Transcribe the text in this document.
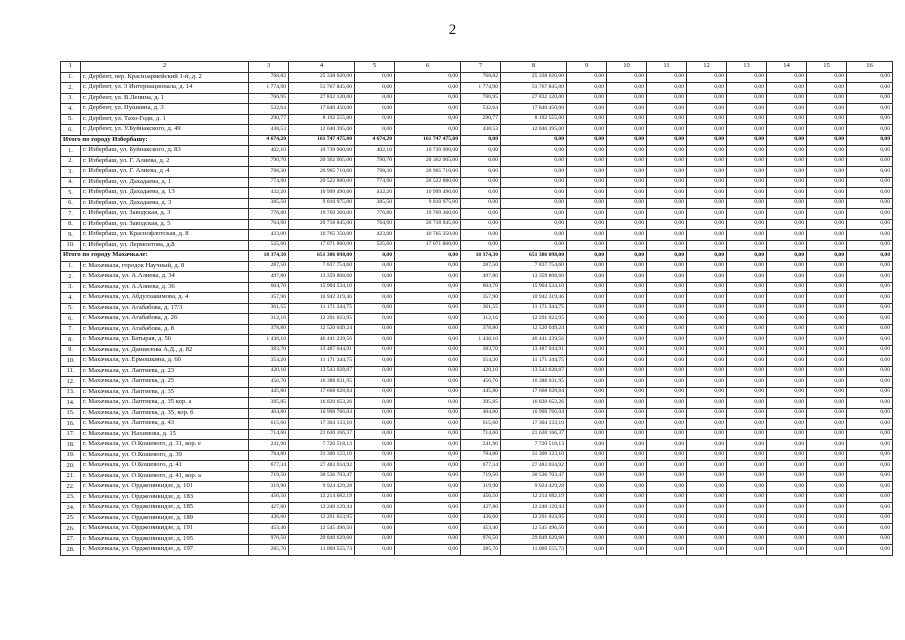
2
1	2	3	4	5	6	7	8	9	10	11	12	13	14	15	16
1.	г. Дербент, пер. Красноармейский 1-й, д. 2	768,82	25 338 620,00	0,00	0,00	768,82	25 338 620,00	0,00	0,00	0,00	0,00	0,00	0,00	0,00	0,00
2.	г. Дербент, ул. 3 Интернационала, д. 14	1 774,90	51 767 845,00	0,00	0,00	1 774,90	51 767 845,00	0,00	0,00	0,00	0,00	0,00	0,00	0,00	0,00
3.	г. Дербент, ул. В.Ленина, д. 1	766,95	27 832 120,00	0,00	0,00	766,95	27 832 120,00	0,00	0,00	0,00	0,00	0,00	0,00	0,00	0,00
4.	г. Дербент, ул. Пушкина, д. 3	532,64	17 840 450,00	0,00	0,00	532,64	17 840 450,00	0,00	0,00	0,00	0,00	0,00	0,00	0,00	0,00
5.	г. Дербент, ул. Тахо-Годи, д. 1	290,77	8 192 555,00	0,00	0,00	290,77	8 192 555,00	0,00	0,00	0,00	0,00	0,00	0,00	0,00	0,00
6.	г. Дербент, ул. У.Буйнакского, д. 49	438,53	12 040 395,00	0,00	0,00	438,53	12 040 395,00	0,00	0,00	0,00	0,00	0,00	0,00	0,00	0,00
Итого по городу Избербашу:		4 674,20	161 747 475,00	4 674,20	161 747 475,00	0,00	0,00	0,00	0,00	0,00	0,00	0,00	0,00	0,00	0,00
1.	г. Избербаш, ул. Буйнакского, д. 83	402,10	10 739 900,00	402,10	10 739 900,00	0,00	0,00	0,00	0,00	0,00	0,00	0,00	0,00	0,00	0,00
2.	г. Избербаш, ул. Г. Алиева, д. 2	790,70	20 362 905,00	790,70	20 362 905,00	0,00	0,00	0,00	0,00	0,00	0,00	0,00	0,00	0,00	0,00
3.	г. Избербаш, ул. Г. Алиева, д .4	798,30	20 965 710,00	798,30	20 965 710,00	0,00	0,00	0,00	0,00	0,00	0,00	0,00	0,00	0,00	0,00
4.	г. Избербаш, ул. Дахадаева, д. 1	774,90	20 522 880,00	774,90	20 522 880,00	0,00	0,00	0,00	0,00	0,00	0,00	0,00	0,00	0,00	0,00
5.	г. Избербаш, ул. Дахадаева, д. 13	432,20	10 999 490,00	432,20	10 999 490,00	0,00	0,00	0,00	0,00	0,00	0,00	0,00	0,00	0,00	0,00
6.	г. Избербаш, ул. Дахадаева, д. 3	385,50	9 810 975,00	385,50	9 810 975,00	0,00	0,00	0,00	0,00	0,00	0,00	0,00	0,00	0,00	0,00
7.	г. Избербаш, ул. Заводская, д. 3	776,80	19 769 360,00	776,80	19 769 360,00	0,00	0,00	0,00	0,00	0,00	0,00	0,00	0,00	0,00	0,00
8.	г. Избербаш, ул. Заводская, д. 5	764,90	20 718 845,00	764,90	20 718 845,00	0,00	0,00	0,00	0,00	0,00	0,00	0,00	0,00	0,00	0,00
9.	г. Избербаш, ул. Краснофлотская, д. 8	423,00	10 765 350,00	423,00	10 765 350,00	0,00	0,00	0,00	0,00	0,00	0,00	0,00	0,00	0,00	0,00
10.	г. Избербаш, ул. Лермонтова, д.8	525,60	17 071 860,00	525,60	17 071 860,00	0,00	0,00	0,00	0,00	0,00	0,00	0,00	0,00	0,00	0,00
Итого по городу Махачкале:		18 374,30	651 386 098,00	0,00	0,00	18 374,30	651 386 098,00	0,00	0,00	0,00	0,00	0,00	0,00	0,00	0,00
1.	г. Махачкала, городок Научный, д. 8	287,50	7 837 754,60	0,00	0,00	287,50	7 837 754,60	0,00	0,00	0,00	0,00	0,00	0,00	0,00	0,00
2.	г. Махачкала, ул. А.Алиева, д. 34	497,80	13 359 808,60	0,00	0,00	497,80	13 359 808,60	0,00	0,00	0,00	0,00	0,00	0,00	0,00	0,00
3.	г. Махачкала, ул. А.Алиева, д. 36	604,70	15 904 534,10	0,00	0,00	604,70	15 904 534,10	0,00	0,00	0,00	0,00	0,00	0,00	0,00	0,00
4.	г. Махачкала, ул. Абдулхакимова, д. 4	357,90	10 942 319,46	0,00	0,00	357,90	10 942 319,46	0,00	0,00	0,00	0,00	0,00	0,00	0,00	0,00
5.	г. Махачкала, ул. Агабабова, д. 17/3	361,55	11 171 344,75	0,00	0,00	361,55	11 171 344,75	0,00	0,00	0,00	0,00	0,00	0,00	0,00	0,00
6.	г. Махачкала, ул. Агабабова, д. 26	312,16	12 291 023,95	0,00	0,00	312,16	12 291 023,95	0,00	0,00	0,00	0,00	0,00	0,00	0,00	0,00
7.	г. Махачкала, ул. Агабабова, д. 8	378,80	12 520 049,24	0,00	0,00	378,80	12 520 049,24	0,00	0,00	0,00	0,00	0,00	0,00	0,00	0,00
8.	г. Махачкала, ул. Батырая, д. 56	1 438,10	46 441 239,56	0,00	0,00	1 438,10	46 441 239,56	0,00	0,00	0,00	0,00	0,00	0,00	0,00	0,00
9.	г. Махачкала, ул. Даниялова А.Д., д. 82	383,70	13 487 044,91	0,00	0,00	383,70	13 487 044,91	0,00	0,00	0,00	0,00	0,00	0,00	0,00	0,00
10.	г. Махачкала, ул. Ермошкина, д. 60	354,20	11 171 344,75	0,00	0,00	354,20	11 171 344,75	0,00	0,00	0,00	0,00	0,00	0,00	0,00	0,00
11.	г. Махачкала, ул. Лаптиева, д. 23	420,10	13 543 028,87	0,00	0,00	420,10	13 543 028,87	0,00	0,00	0,00	0,00	0,00	0,00	0,00	0,00
12.	г. Махачкала, ул. Лаптиева, д. 25	456,70	16 388 031,95	0,00	0,00	456,70	16 388 031,95	0,00	0,00	0,00	0,00	0,00	0,00	0,00	0,00
13.	г. Махачкала, ул. Лаптиева, д. 35	445,80	17 668 028,84	0,00	0,00	445,80	17 668 028,84	0,00	0,00	0,00	0,00	0,00	0,00	0,00	0,00
14.	г. Махачкала, ул. Лаптиева, д. 35 кор. а	395,85	16 820 653,26	0,00	0,00	395,85	16 820 653,26	0,00	0,00	0,00	0,00	0,00	0,00	0,00	0,00
15.	г. Махачкала, ул. Лаптиева, д. 35, кор. б	404,80	16 998 766,04	0,00	0,00	404,80	16 998 766,04	0,00	0,00	0,00	0,00	0,00	0,00	0,00	0,00
16.	г. Махачкала, ул. Лаптиева, д. 43	615,60	17 304 133,10	0,00	0,00	615,60	17 304 133,10	0,00	0,00	0,00	0,00	0,00	0,00	0,00	0,00
17.	г. Махачкала, ул. Нахимова, д. 15	714,60	21 630 166,37	0,00	0,00	714,60	21 630 166,37	0,00	0,00	0,00	0,00	0,00	0,00	0,00	0,00
18.	г. Махачкала, ул. О.Кошевого, д. 31, кор. е	241,90	7 720 518,13	0,00	0,00	241,90	7 720 518,13	0,00	0,00	0,00	0,00	0,00	0,00	0,00	0,00
19.	г. Махачкала, ул. О.Кошевого, д. 39	784,80	31 300 123,10	0,00	0,00	784,80	31 300 123,10	0,00	0,00	0,00	0,00	0,00	0,00	0,00	0,00
20.	г. Махачкала, ул. О.Кошевого, д. 41	677,34	27 483 034,92	0,00	0,00	677,34	27 483 034,92	0,00	0,00	0,00	0,00	0,00	0,00	0,00	0,00
21.	г. Махачкала, ул. О.Кошевого, д. 41, кор. а	719,50	30 536 703,47	0,00	0,00	719,50	30 536 703,47	0,00	0,00	0,00	0,00	0,00	0,00	0,00	0,00
22.	г. Махачкала, ул. Орджоникидзе, д. 101	319,90	9 924 429,28	0,00	0,00	319,90	9 924 429,28	0,00	0,00	0,00	0,00	0,00	0,00	0,00	0,00
23.	г. Махачкала, ул. Орджоникидзе, д. 183	456,50	12 214 682,19	0,00	0,00	456,50	12 214 682,19	0,00	0,00	0,00	0,00	0,00	0,00	0,00	0,00
24.	г. Махачкала, ул. Орджоникидзе, д. 185	427,80	12 240 129,44	0,00	0,00	427,80	12 240 129,44	0,00	0,00	0,00	0,00	0,00	0,00	0,00	0,00
25.	г. Махачкала, ул. Орджоникидзе, д. 189	436,60	12 291 023,95	0,00	0,00	436,60	12 291 023,95	0,00	0,00	0,00	0,00	0,00	0,00	0,00	0,00
26.	г. Махачкала, ул. Орджоникидзе, д. 191	453,40	12 545 496,50	0,00	0,00	453,40	12 545 496,50	0,00	0,00	0,00	0,00	0,00	0,00	0,00	0,00
27.	г. Махачкала, ул. Орджоникидзе, д. 195	976,50	29 849 629,60	0,00	0,00	976,50	29 849 629,60	0,00	0,00	0,00	0,00	0,00	0,00	0,00	0,00
28.	г. Махачкала, ул. Орджоникидзе, д. 197	285,70	11 069 555,73	0,00	0,00	285,70	11 069 555,73	0,00	0,00	0,00	0,00	0,00	0,00	0,00	0,00
